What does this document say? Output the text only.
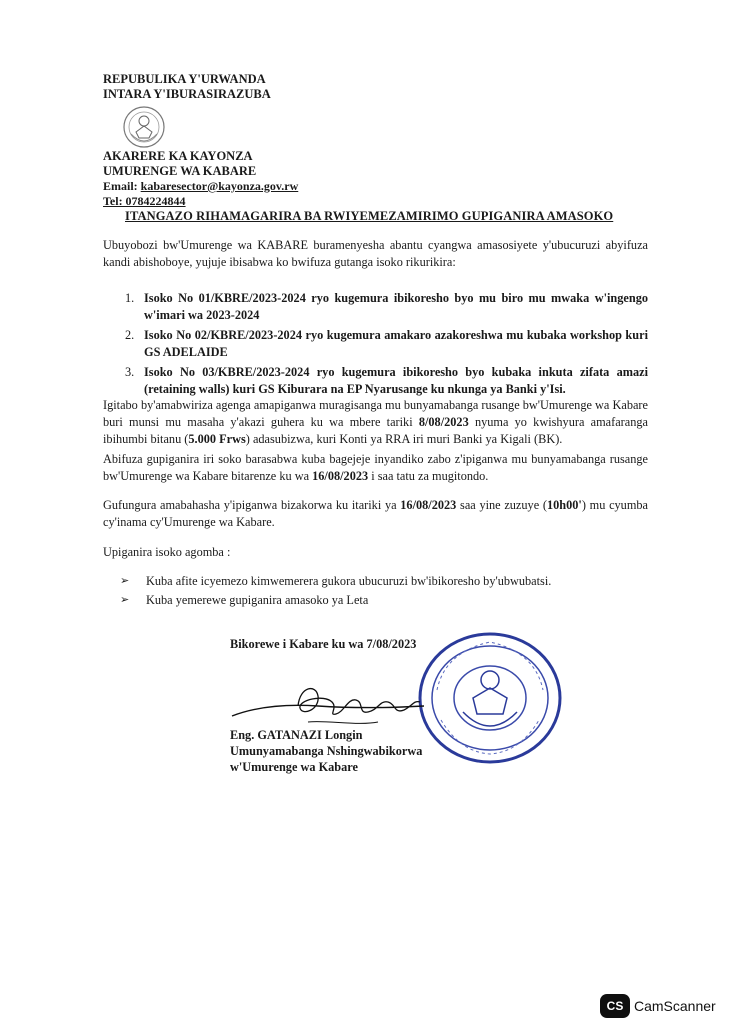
REPUBULIKA Y'URWANDA
INTARA Y'IBURASIRAZUBA
AKARERE KA KAYONZA
UMURENGE WA KABARE
Email: kabaresector@kayonza.gov.rw
Tel: 0784224844
ITANGAZO RIHAMAGARIRA BA RWIYEMEZAMIRIMO GUPIGANIRA AMASOKO
Ubuyobozi bw'Umurenge wa KABARE buramenyesha abantu cyangwa amasosiyete y'ubucuruzi abyifuza kandi abishoboye, yujuje ibisabwa ko bwifuza gutanga isoko rikurikira:
1. Isoko No 01/KBRE/2023-2024 ryo kugemura ibikoresho byo mu biro mu mwaka w'ingengo w'imari wa 2023-2024
2. Isoko No 02/KBRE/2023-2024 ryo kugemura amakaro azakoreshwa mu kubaka workshop kuri GS ADELAIDE
3. Isoko No 03/KBRE/2023-2024 ryo kugemura ibikoresho byo kubaka inkuta zifata amazi (retaining walls) kuri GS Kiburara na EP Nyarusange ku nkunga ya Banki y'Isi.
Igitabo by'amabwiriza agenga amapiganwa muragisanga mu bunyamabanga rusange bw'Umurenge wa Kabare buri munsi mu masaha y'akazi guhera ku wa mbere tariki 8/08/2023 nyuma yo kwishyura amafaranga ibihumbi bitanu (5.000 Frws) adasubizwa, kuri Konti ya RRA iri muri Banki ya Kigali (BK).
Abifuza gupiganira iri soko barasabwa kuba bagejeje inyandiko zabo z'ipiganwa mu bunyamabanga rusange bw'Umurenge wa Kabare bitarenze ku wa 16/08/2023 i saa tatu za mugitondo.
Gufungura amabahasha y'ipiganwa bizakorwa ku itariki ya 16/08/2023 saa yine zuzuye (10h00') mu cyumba cy'inama cy'Umurenge wa Kabare.
Upiganira isoko agomba :
➢ Kuba afite icyemezo kimwemerera gukora ubucuruzi bw'ibikoresho by'ubwubatsi.
➢ Kuba yemerewe gupiganira amasoko ya Leta
Bikorewe i Kabare ku wa 7/08/2023
Eng. GATANAZI Longin
Umunyamabanga Nshingwabikorwa
w'Umurenge wa Kabare
CS CamScanner
